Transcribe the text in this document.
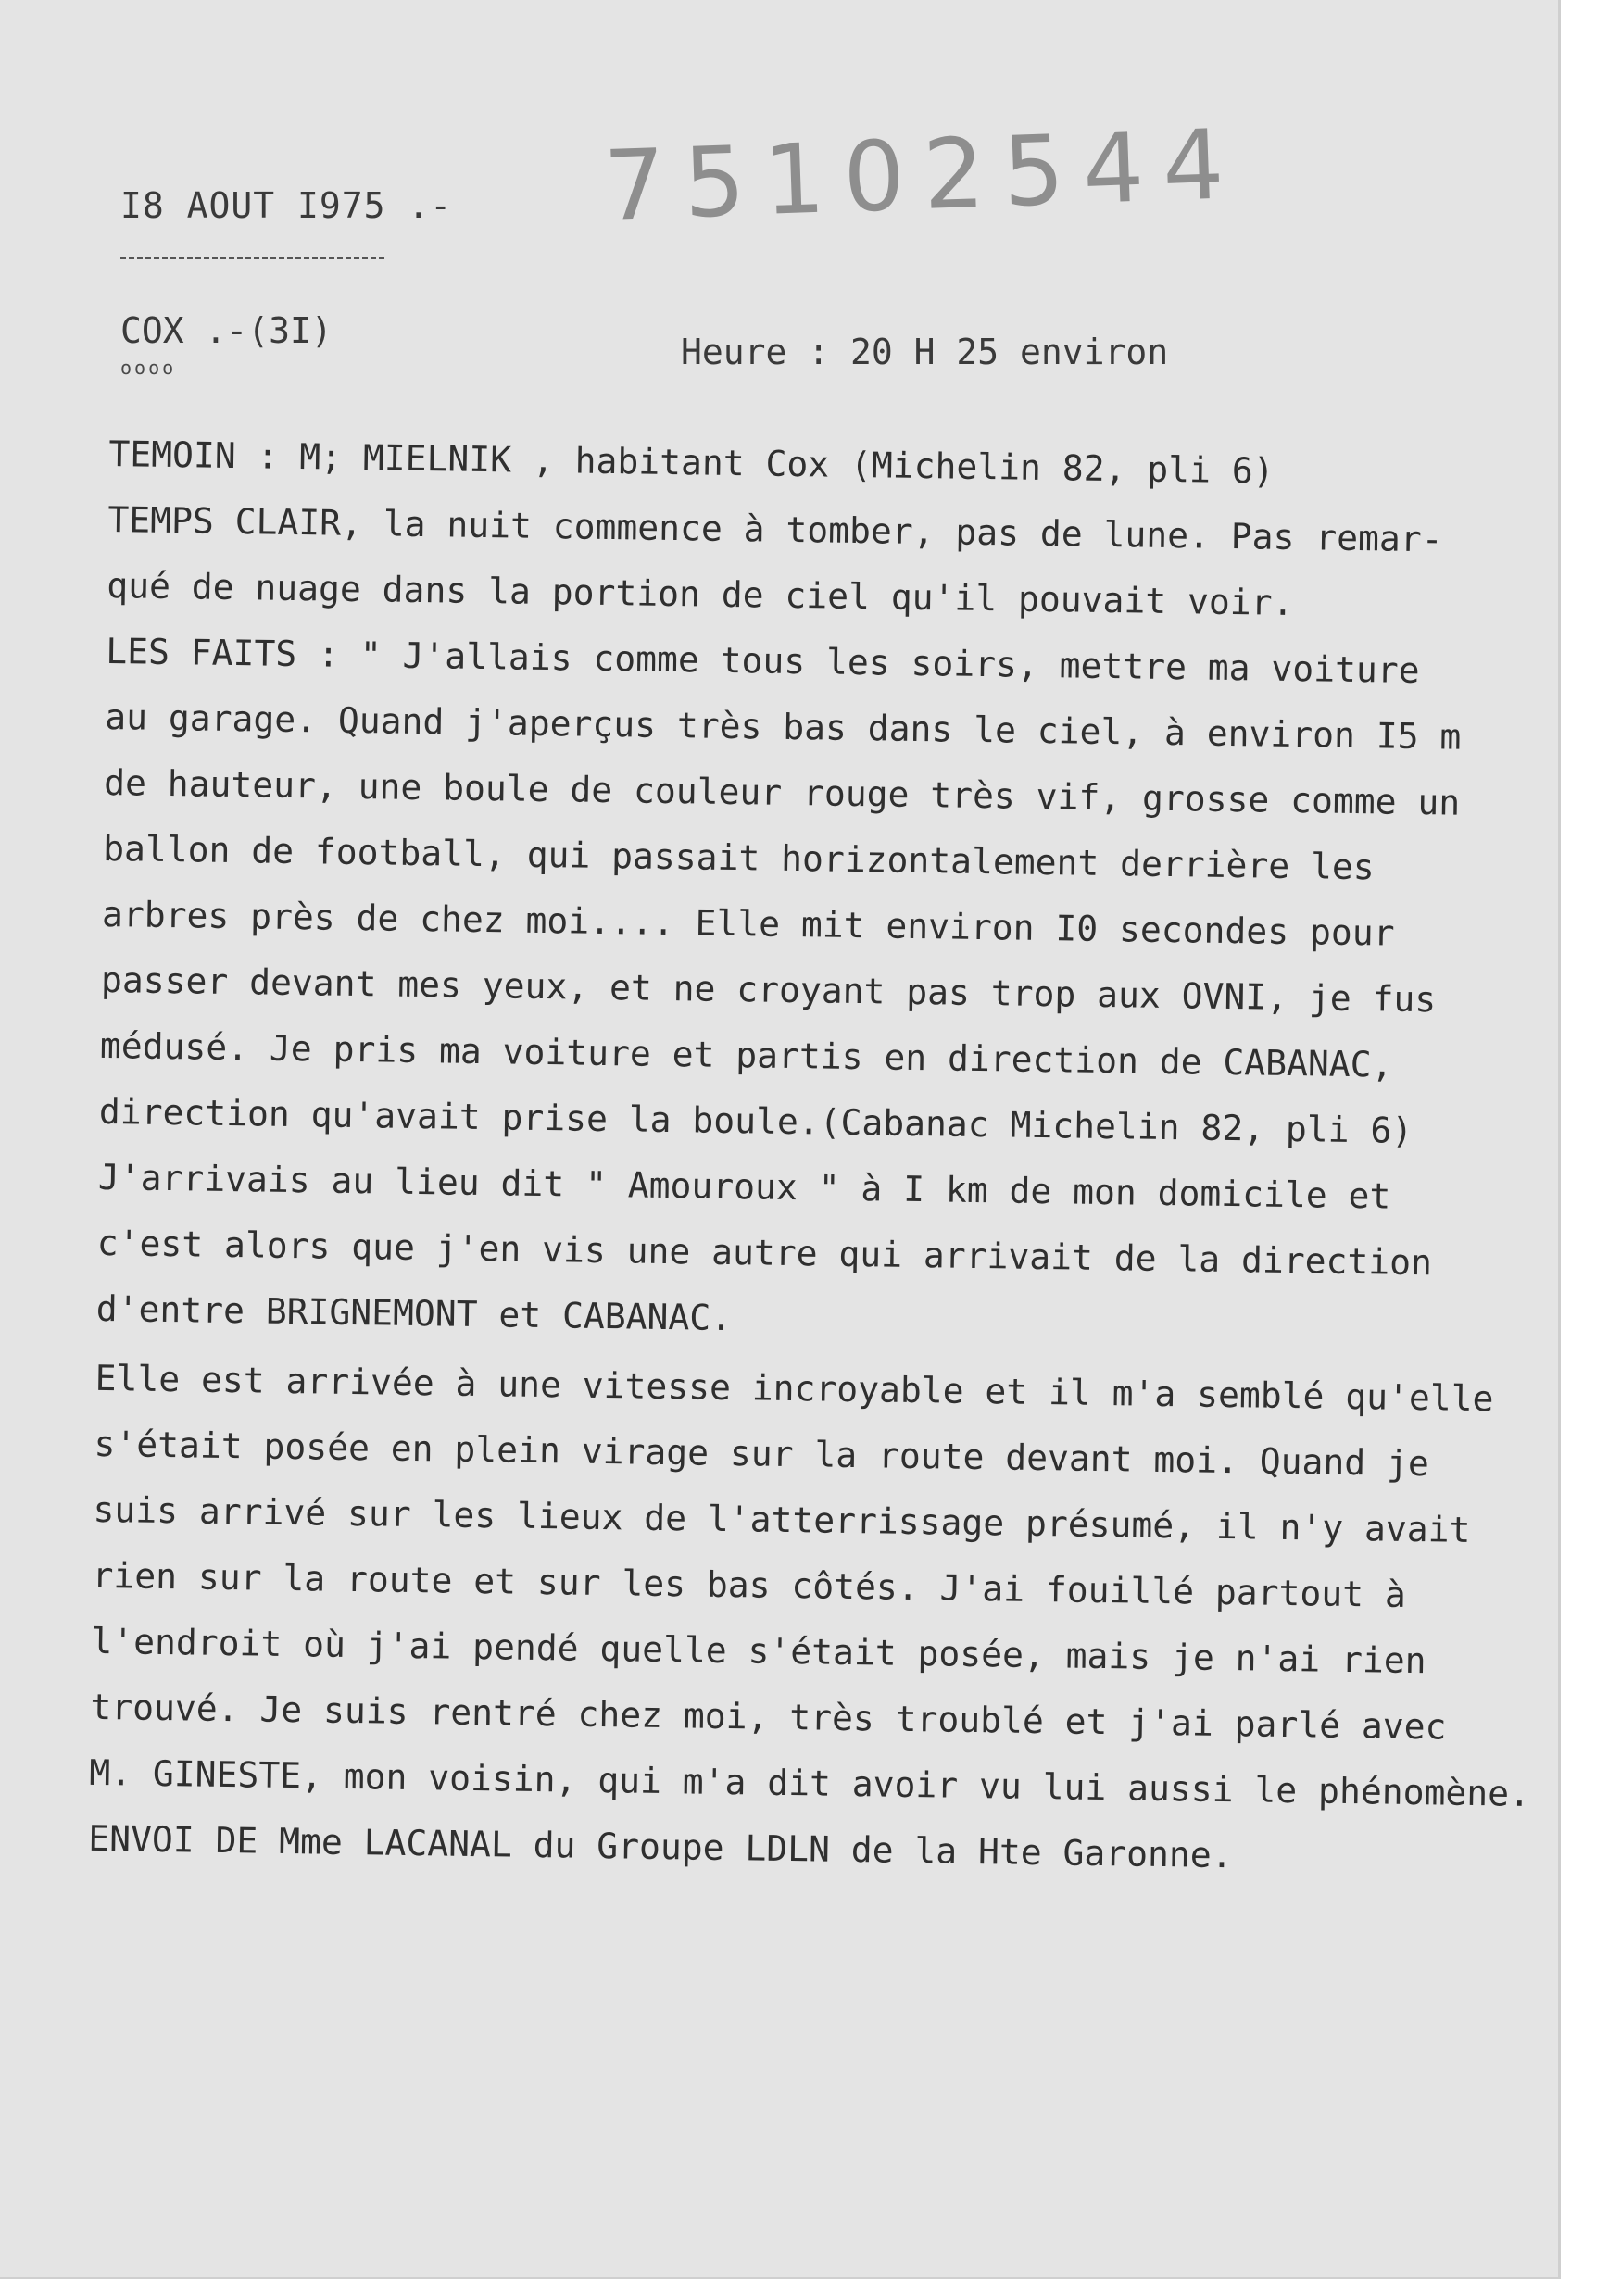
I8 AOUT I975 .- 75102544
COX .-(3I)
oooo	Heure : 20 H 25 environ
TEMOIN : M; MIELNIK , habitant Cox (Michelin 82, pli 6)
TEMPS CLAIR, la nuit commence à tomber, pas de lune. Pas remar-
qué de nuage dans la portion de ciel qu'il pouvait voir.
LES FAITS : " J'allais comme tous les soirs, mettre ma voiture
au garage. Quand j'aperçus très bas dans le ciel, à environ I5 m
de hauteur, une boule de couleur rouge très vif, grosse comme un
ballon de football, qui passait horizontalement derrière les
arbres près de chez moi.... Elle mit environ I0 secondes pour
passer devant mes yeux, et ne croyant pas trop aux OVNI, je fus
médusé. Je pris ma voiture et partis en direction de CABANAC,
direction qu'avait prise la boule.(Cabanac Michelin 82, pli 6)
J'arrivais au lieu dit " Amouroux " à I km de mon domicile et
c'est alors que j'en vis une autre qui arrivait de la direction
d'entre BRIGNEMONT et CABANAC.
Elle est arrivée à une vitesse incroyable et il m'a semblé qu'elle
s'était posée en plein virage sur la route devant moi. Quand je
suis arrivé sur les lieux de l'atterrissage présumé, il n'y avait
rien sur la route et sur les bas côtés. J'ai fouillé partout à
l'endroit où j'ai pendé quelle s'était posée, mais je n'ai rien
trouvé. Je suis rentré chez moi, très troublé et j'ai parlé avec
M. GINESTE, mon voisin, qui m'a dit avoir vu lui aussi le phénomène.
ENVOI DE Mme LACANAL du Groupe LDLN de la Hte Garonne.
